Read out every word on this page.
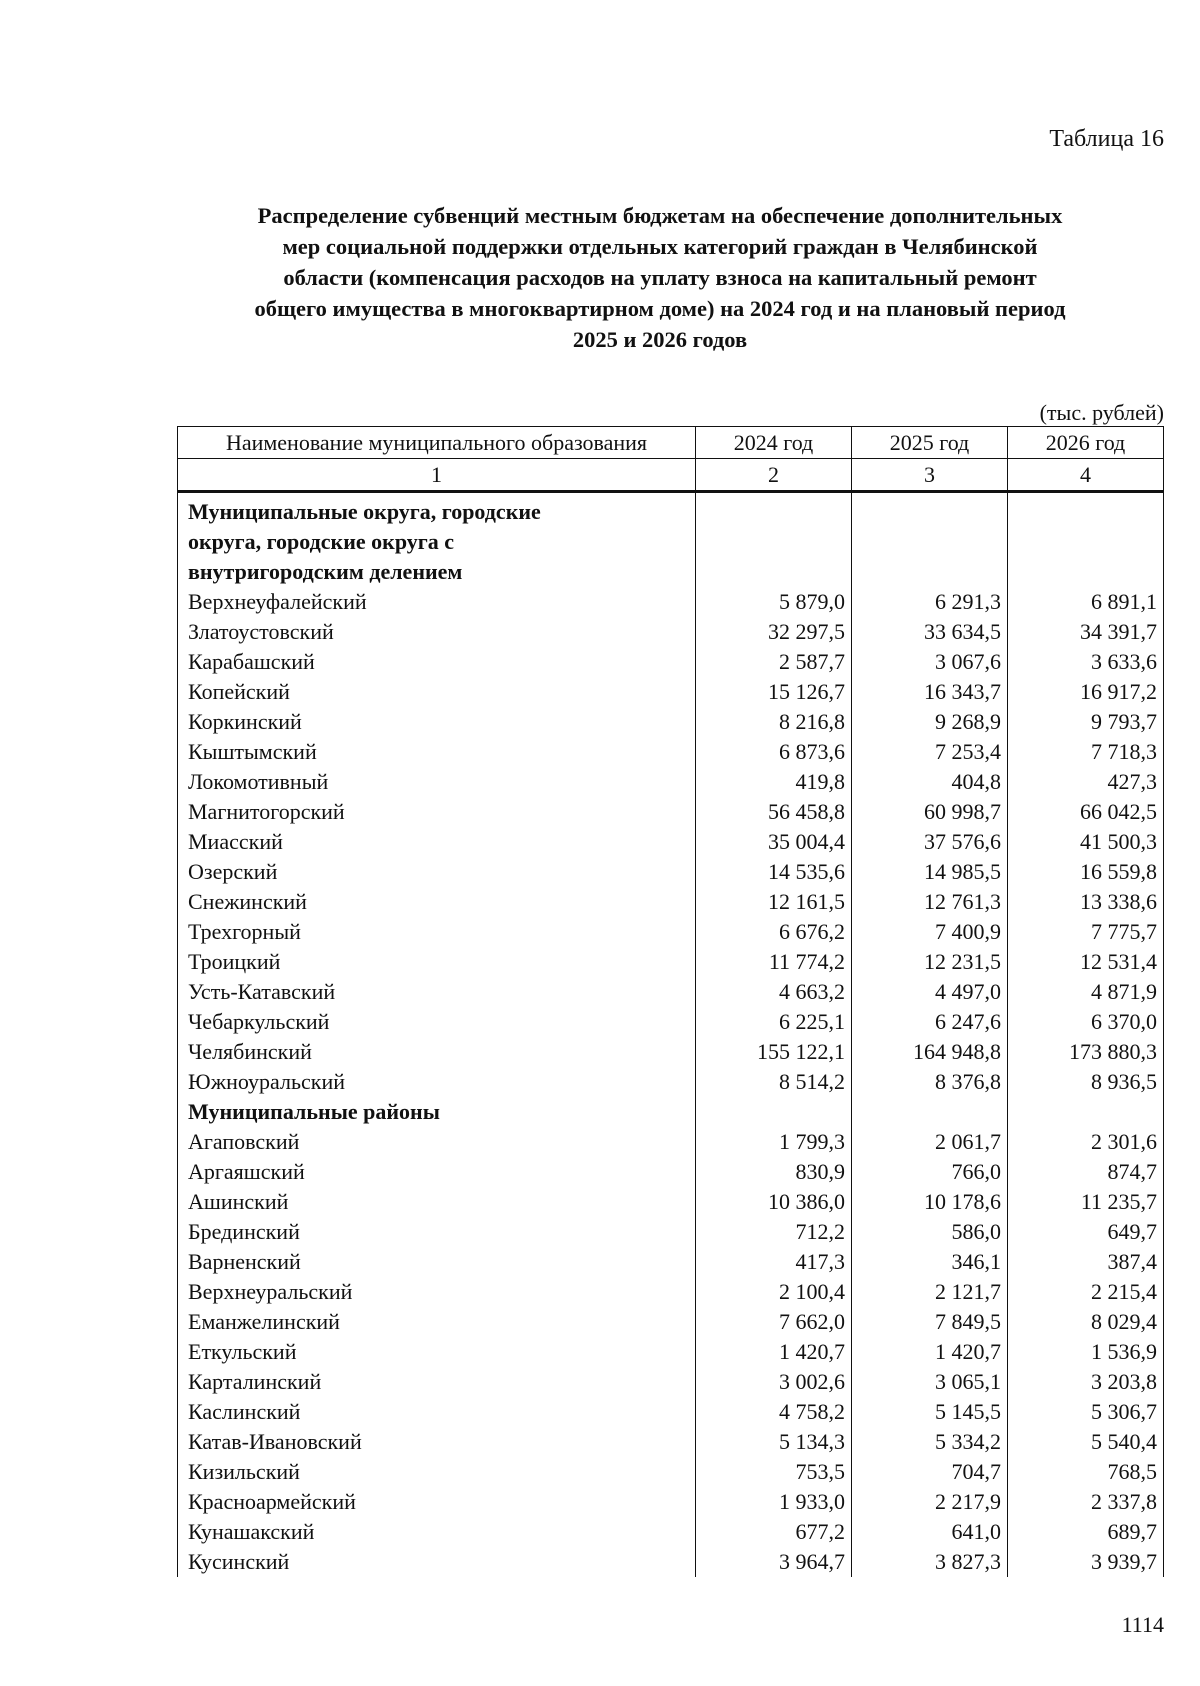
Таблица 16
Распределение субвенций местным бюджетам на обеспечение дополнительных
мер социальной поддержки отдельных категорий граждан в Челябинской
области (компенсация расходов на уплату взноса на капитальный ремонт
общего имущества в многоквартирном доме) на 2024 год и на плановый период
2025 и 2026 годов
(тыс. рублей)
Наименование муниципального образования	2024 год	2025 год	2026 год
1	2	3	4
Муниципальные округа, городские			
округа, городские округа с			
внутригородским делением			
Верхнеуфалейский	5 879,0	6 291,3	6 891,1
Златоустовский	32 297,5	33 634,5	34 391,7
Карабашский	2 587,7	3 067,6	3 633,6
Копейский	15 126,7	16 343,7	16 917,2
Коркинский	8 216,8	9 268,9	9 793,7
Кыштымский	6 873,6	7 253,4	7 718,3
Локомотивный	419,8	404,8	427,3
Магнитогорский	56 458,8	60 998,7	66 042,5
Миасский	35 004,4	37 576,6	41 500,3
Озерский	14 535,6	14 985,5	16 559,8
Снежинский	12 161,5	12 761,3	13 338,6
Трехгорный	6 676,2	7 400,9	7 775,7
Троицкий	11 774,2	12 231,5	12 531,4
Усть-Катавский	4 663,2	4 497,0	4 871,9
Чебаркульский	6 225,1	6 247,6	6 370,0
Челябинский	155 122,1	164 948,8	173 880,3
Южноуральский	8 514,2	8 376,8	8 936,5
Муниципальные районы			
Агаповский	1 799,3	2 061,7	2 301,6
Аргаяшский	830,9	766,0	874,7
Ашинский	10 386,0	10 178,6	11 235,7
Брединский	712,2	586,0	649,7
Варненский	417,3	346,1	387,4
Верхнеуральский	2 100,4	2 121,7	2 215,4
Еманжелинский	7 662,0	7 849,5	8 029,4
Еткульский	1 420,7	1 420,7	1 536,9
Карталинский	3 002,6	3 065,1	3 203,8
Каслинский	4 758,2	5 145,5	5 306,7
Катав-Ивановский	5 134,3	5 334,2	5 540,4
Кизильский	753,5	704,7	768,5
Красноармейский	1 933,0	2 217,9	2 337,8
Кунашакский	677,2	641,0	689,7
Кусинский	3 964,7	3 827,3	3 939,7
1114
